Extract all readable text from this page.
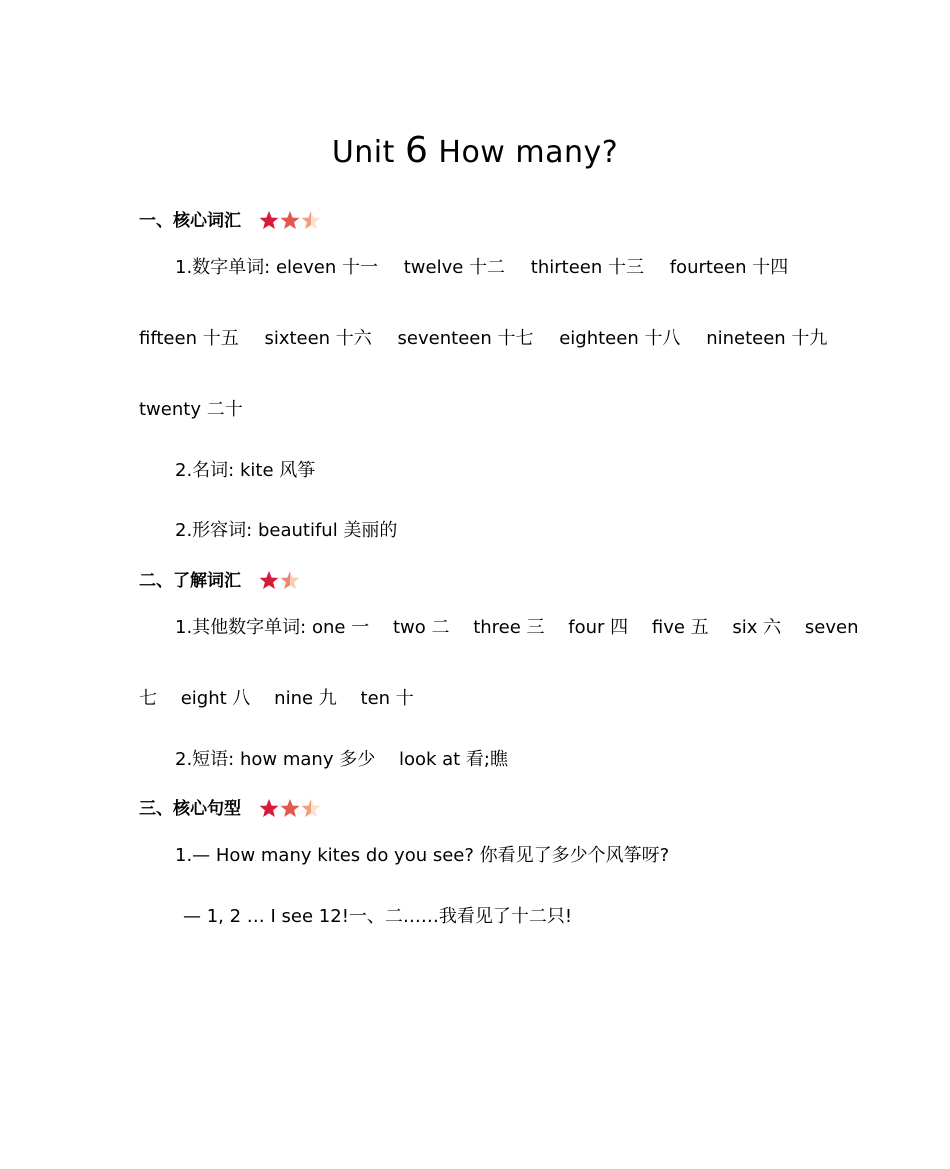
Unit 6 How many?
一、核心词汇
1.数字单词: eleven 十一 twelve 十二 thirteen 十三 fourteen 十四
fifteen 十五 sixteen 十六 seventeen 十七 eighteen 十八 nineteen 十九
twenty 二十
2.名词: kite 风筝
2.形容词: beautiful 美丽的
二、了解词汇
1.其他数字单词: one 一 two 二 three 三 four 四 five 五 six 六 seven
七 eight 八 nine 九 ten 十
2.短语: how many 多少 look at 看;瞧
三、核心句型
1.— How many kites do you see? 你看见了多少个风筝呀?
— 1, 2 … I see 12!一、二……我看见了十二只!
